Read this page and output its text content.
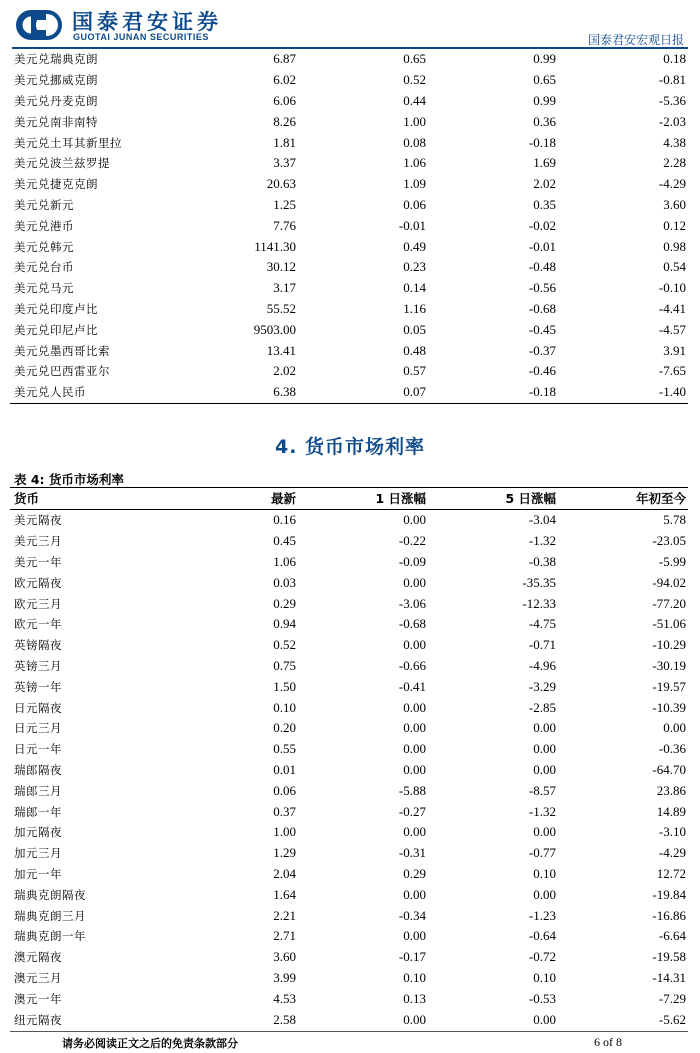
国泰君安证券
GUOTAI JUNAN SECURITIES	国泰君安宏观日报
美元兑瑞典克朗	6.87	0.65	0.99	0.18
美元兑挪威克朗	6.02	0.52	0.65	-0.81
美元兑丹麦克朗	6.06	0.44	0.99	-5.36
美元兑南非南特	8.26	1.00	0.36	-2.03
美元兑土耳其新里拉	1.81	0.08	-0.18	4.38
美元兑波兰兹罗提	3.37	1.06	1.69	2.28
美元兑捷克克朗	20.63	1.09	2.02	-4.29
美元兑新元	1.25	0.06	0.35	3.60
美元兑港币	7.76	-0.01	-0.02	0.12
美元兑韩元	1141.30	0.49	-0.01	0.98
美元兑台币	30.12	0.23	-0.48	0.54
美元兑马元	3.17	0.14	-0.56	-0.10
美元兑印度卢比	55.52	1.16	-0.68	-4.41
美元兑印尼卢比	9503.00	0.05	-0.45	-4.57
美元兑墨西哥比索	13.41	0.48	-0.37	3.91
美元兑巴西雷亚尔	2.02	0.57	-0.46	-7.65
美元兑人民币	6.38	0.07	-0.18	-1.40
4. 货币市场利率
表 4: 货币市场利率
货币	最新	1 日涨幅	5 日涨幅	年初至今
美元隔夜	0.16	0.00	-3.04	5.78
美元三月	0.45	-0.22	-1.32	-23.05
美元一年	1.06	-0.09	-0.38	-5.99
欧元隔夜	0.03	0.00	-35.35	-94.02
欧元三月	0.29	-3.06	-12.33	-77.20
欧元一年	0.94	-0.68	-4.75	-51.06
英镑隔夜	0.52	0.00	-0.71	-10.29
英镑三月	0.75	-0.66	-4.96	-30.19
英镑一年	1.50	-0.41	-3.29	-19.57
日元隔夜	0.10	0.00	-2.85	-10.39
日元三月	0.20	0.00	0.00	0.00
日元一年	0.55	0.00	0.00	-0.36
瑞郎隔夜	0.01	0.00	0.00	-64.70
瑞郎三月	0.06	-5.88	-8.57	23.86
瑞郎一年	0.37	-0.27	-1.32	14.89
加元隔夜	1.00	0.00	0.00	-3.10
加元三月	1.29	-0.31	-0.77	-4.29
加元一年	2.04	0.29	0.10	12.72
瑞典克朗隔夜	1.64	0.00	0.00	-19.84
瑞典克朗三月	2.21	-0.34	-1.23	-16.86
瑞典克朗一年	2.71	0.00	-0.64	-6.64
澳元隔夜	3.60	-0.17	-0.72	-19.58
澳元三月	3.99	0.10	0.10	-14.31
澳元一年	4.53	0.13	-0.53	-7.29
纽元隔夜	2.58	0.00	0.00	-5.62
请务必阅读正文之后的免责条款部分	6 of 8
